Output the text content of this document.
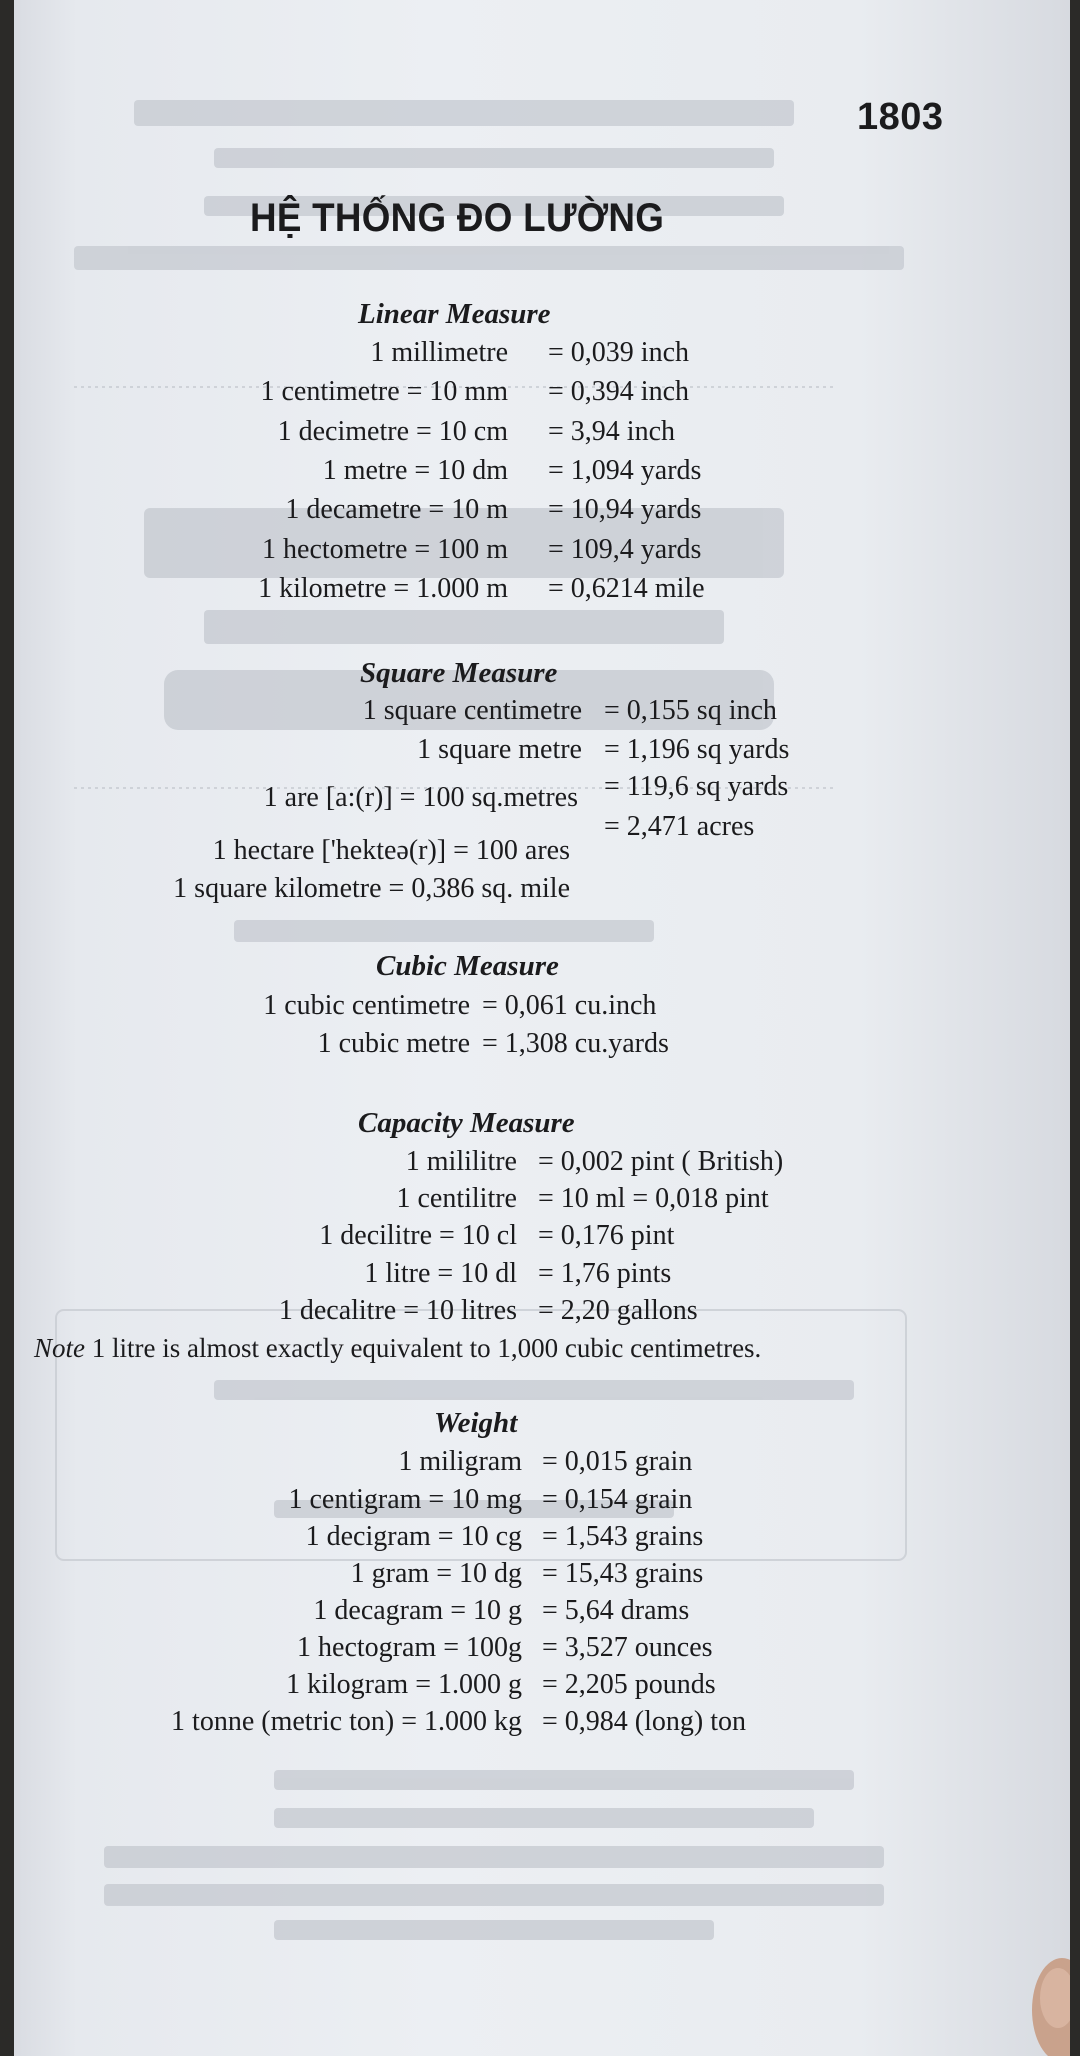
1803
HỆ THỐNG ĐO LƯỜNG
Linear Measure
1 millimetre = 0,039 inch
1 centimetre = 10 mm = 0,394 inch
1 decimetre = 10 cm = 3,94 inch
1 metre = 10 dm = 1,094 yards
1 decametre = 10 m = 10,94 yards
1 hectometre = 100 m = 109,4 yards
1 kilometre = 1.000 m = 0,6214 mile
Square Measure
1 square centimetre = 0,155 sq inch
1 square metre = 1,196 sq yards
= 119,6 sq yards
1 are [a:(r)] = 100 sq.metres
= 2,471 acres
1 hectare ['hekteə(r)] = 100 ares
1 square kilometre = 0,386 sq. mile
Cubic Measure
1 cubic centimetre = 0,061 cu.inch
1 cubic metre = 1,308 cu.yards
Capacity Measure
1 mililitre = 0,002 pint ( British)
1 centilitre = 10 ml = 0,018 pint
1 decilitre = 10 cl = 0,176 pint
1 litre = 10 dl = 1,76 pints
1 decalitre = 10 litres = 2,20 gallons
Note 1 litre is almost exactly equivalent to 1,000 cubic centimetres.
Weight
1 miligram = 0,015 grain
1 centigram = 10 mg = 0,154 grain
1 decigram = 10 cg = 1,543 grains
1 gram = 10 dg = 15,43 grains
1 decagram = 10 g = 5,64 drams
1 hectogram = 100g = 3,527 ounces
1 kilogram = 1.000 g = 2,205 pounds
1 tonne (metric ton) = 1.000 kg = 0,984 (long) ton
